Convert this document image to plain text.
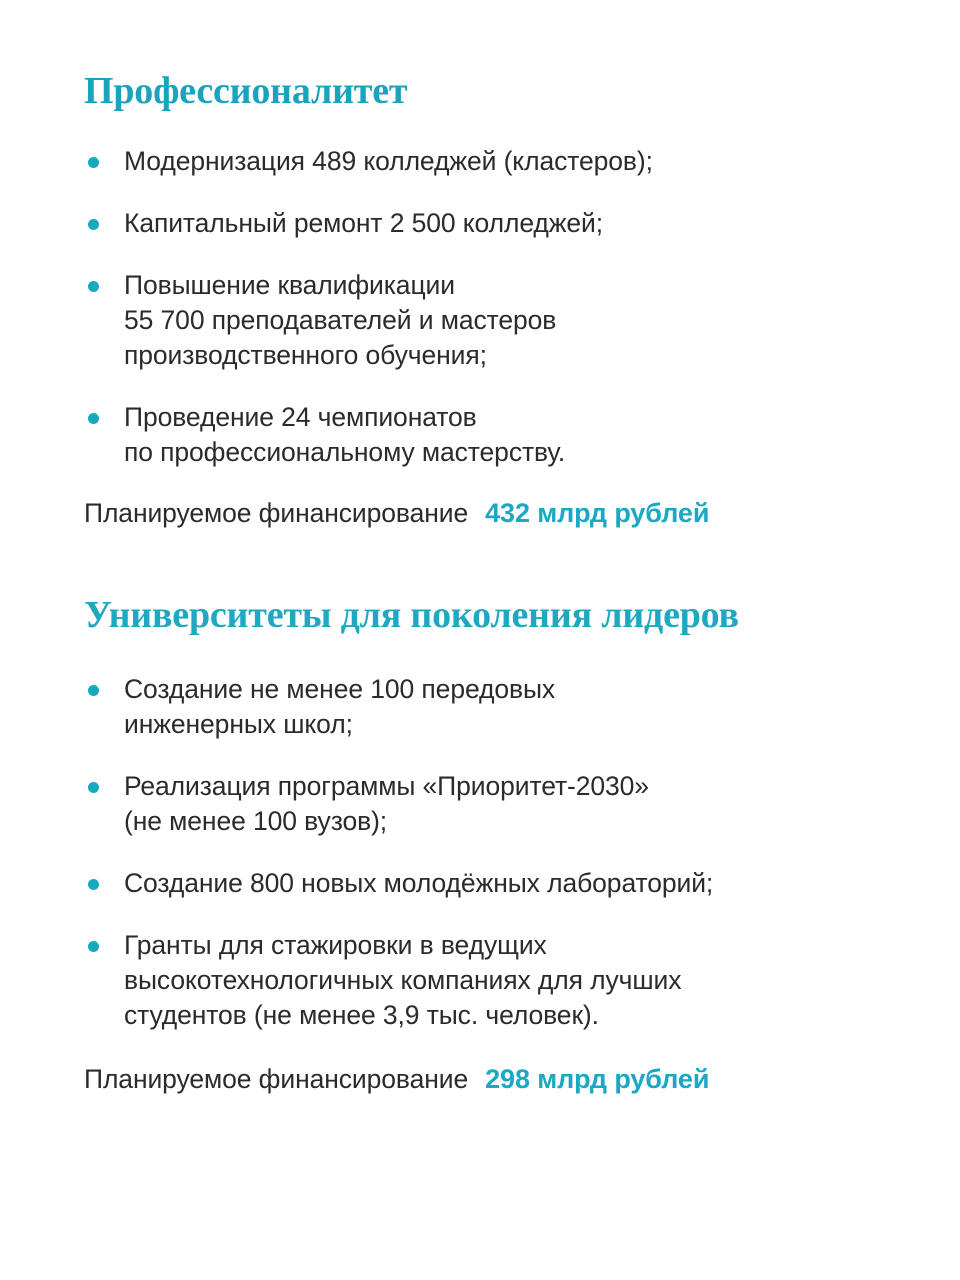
Профессионалитет
Модернизация 489 колледжей (кластеров);
Капитальный ремонт 2 500 колледжей;
Повышение квалификации
55 700 преподавателей и мастеров
производственного обучения;
Проведение 24 чемпионатов
по профессиональному мастерству.
Планируемое финансирование 432 млрд рублей
Университеты для поколения лидеров
Создание не менее 100 передовых
инженерных школ;
Реализация программы «Приоритет-2030»
(не менее 100 вузов);
Создание 800 новых молодёжных лабораторий;
Гранты для стажировки в ведущих
высокотехнологичных компаниях для лучших
студентов (не менее 3,9 тыс. человек).
Планируемое финансирование 298 млрд рублей
